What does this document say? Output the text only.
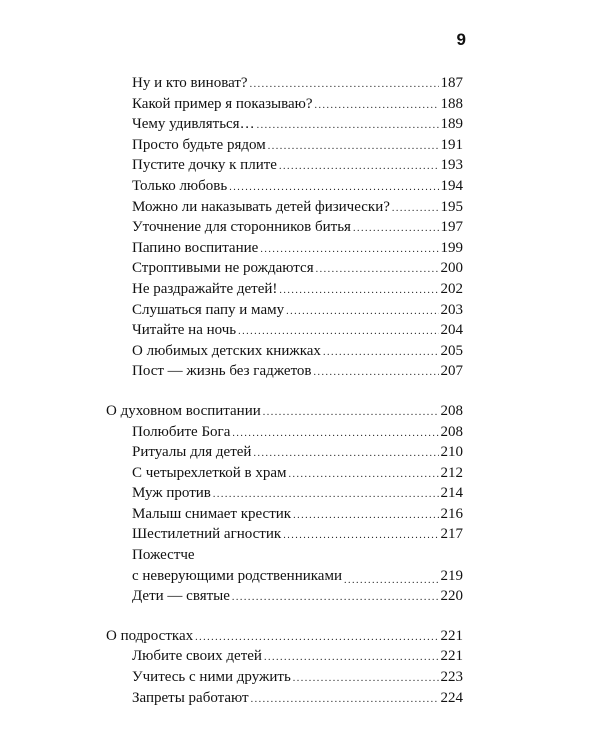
9
Ну и кто виноват? .....	187
Какой пример я показываю? .....	188
Чему удивляться… .....	189
Просто будьте рядом .....	191
Пустите дочку к плите .....	193
Только любовь .....	194
Можно ли наказывать детей физически? .....	195
Уточнение для сторонников битья .....	197
Папино воспитание .....	199
Строптивыми не рождаются .....	200
Не раздражайте детей! .....	202
Слушаться папу и маму .....	203
Читайте на ночь .....	204
О любимых детских книжках .....	205
Пост — жизнь без гаджетов .....	207
О духовном воспитании .....	208
Полюбите Бога .....	208
Ритуалы для детей .....	210
С четырехлеткой в храм .....	212
Муж против .....	214
Малыш снимает крестик .....	216
Шестилетний агностик .....	217
Пожестче
с неверующими родственниками .....	219
Дети — святые .....	220
О подростках .....	221
Любите своих детей .....	221
Учитесь с ними дружить .....	223
Запреты работают .....	224
